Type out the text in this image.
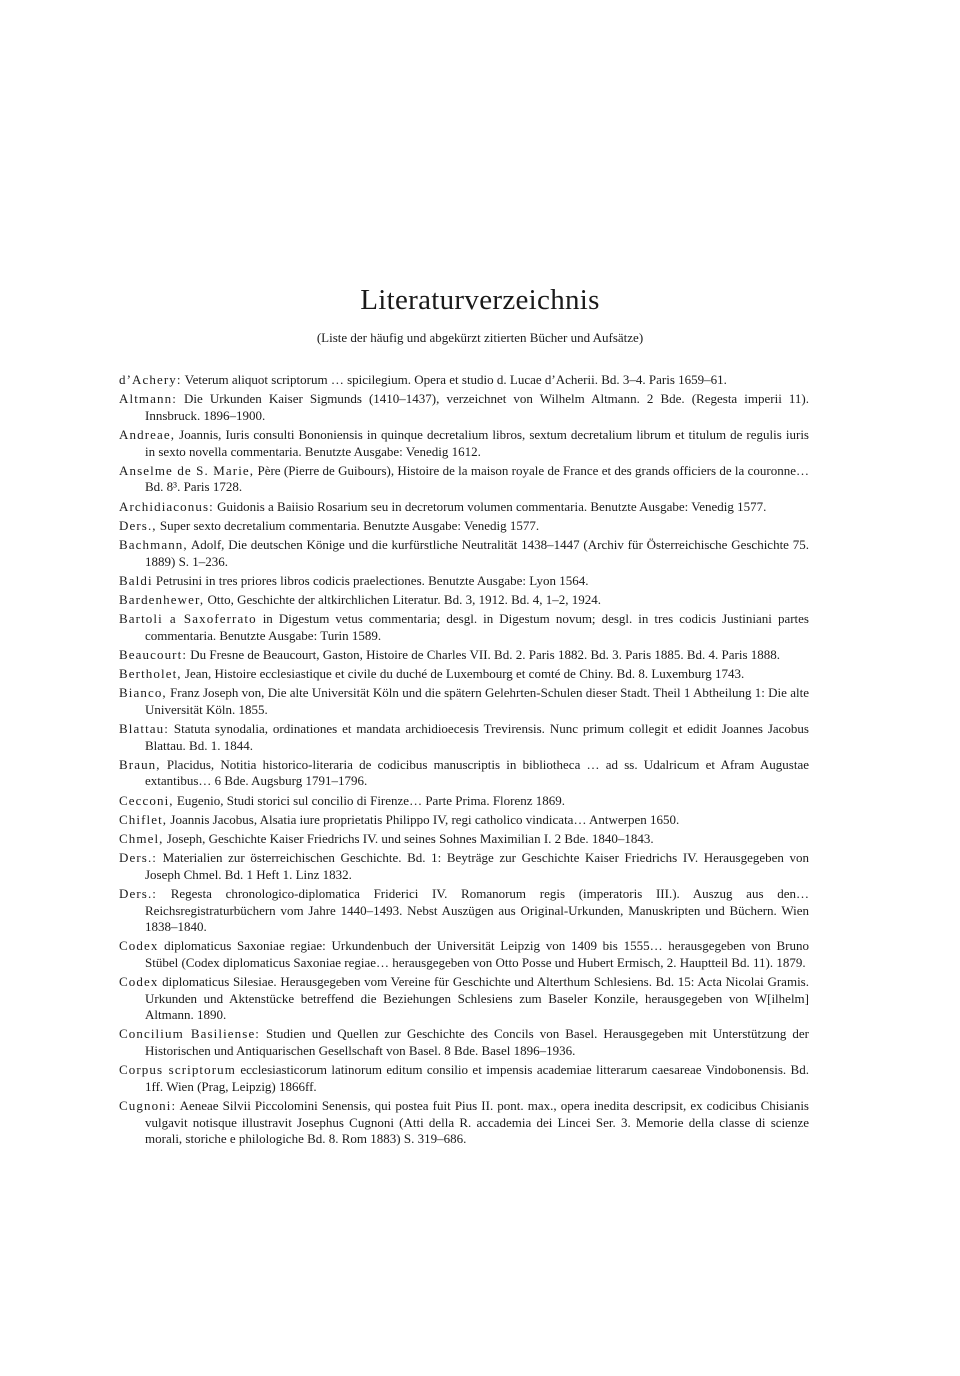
Literaturverzeichnis

(Liste der häufig und abgekürzt zitierten Bücher und Aufsätze)

d’Achery: Veterum aliquot scriptorum … spicilegium. Opera et studio d. Lucae d’Acherii. Bd. 3–4. Paris 1659–61.
Altmann: Die Urkunden Kaiser Sigmunds (1410–1437), verzeichnet von Wilhelm Altmann. 2 Bde. (Regesta imperii 11). Innsbruck. 1896–1900.
Andreae, Joannis, Iuris consulti Bononiensis in quinque decretalium libros, sextum decretalium librum et titulum de regulis iuris in sexto novella commentaria. Benutzte Ausgabe: Venedig 1612.
Anselme de S. Marie, Père (Pierre de Guibours), Histoire de la maison royale de France et des grands officiers de la couronne… Bd. 8³. Paris 1728.
Archidiaconus: Guidonis a Baiisio Rosarium seu in decretorum volumen commentaria. Benutzte Ausgabe: Venedig 1577.
Ders., Super sexto decretalium commentaria. Benutzte Ausgabe: Venedig 1577.
Bachmann, Adolf, Die deutschen Könige und die kurfürstliche Neutralität 1438–1447 (Archiv für Österreichische Geschichte 75. 1889) S. 1–236.
Baldi Petrusini in tres priores libros codicis praelectiones. Benutzte Ausgabe: Lyon 1564.
Bardenhewer, Otto, Geschichte der altkirchlichen Literatur. Bd. 3, 1912. Bd. 4, 1–2, 1924.
Bartoli a Saxoferrato in Digestum vetus commentaria; desgl. in Digestum novum; desgl. in tres codicis Justiniani partes commentaria. Benutzte Ausgabe: Turin 1589.
Beaucourt: Du Fresne de Beaucourt, Gaston, Histoire de Charles VII. Bd. 2. Paris 1882. Bd. 3. Paris 1885. Bd. 4. Paris 1888.
Bertholet, Jean, Histoire ecclesiastique et civile du duché de Luxembourg et comté de Chiny. Bd. 8. Luxemburg 1743.
Bianco, Franz Joseph von, Die alte Universität Köln und die spätern Gelehrten-Schulen dieser Stadt. Theil 1 Abtheilung 1: Die alte Universität Köln. 1855.
Blattau: Statuta synodalia, ordinationes et mandata archidioecesis Trevirensis. Nunc primum collegit et edidit Joannes Jacobus Blattau. Bd. 1. 1844.
Braun, Placidus, Notitia historico-literaria de codicibus manuscriptis in bibliotheca … ad ss. Udalricum et Afram Augustae extantibus… 6 Bde. Augsburg 1791–1796.
Cecconi, Eugenio, Studi storici sul concilio di Firenze… Parte Prima. Florenz 1869.
Chiflet, Joannis Jacobus, Alsatia iure proprietatis Philippo IV, regi catholico vindicata… Antwerpen 1650.
Chmel, Joseph, Geschichte Kaiser Friedrichs IV. und seines Sohnes Maximilian I. 2 Bde. 1840–1843.
Ders.: Materialien zur österreichischen Geschichte. Bd. 1: Beyträge zur Geschichte Kaiser Friedrichs IV. Herausgegeben von Joseph Chmel. Bd. 1 Heft 1. Linz 1832.
Ders.: Regesta chronologico-diplomatica Friderici IV. Romanorum regis (imperatoris III.). Auszug aus den… Reichsregistraturbüchern vom Jahre 1440–1493. Nebst Auszügen aus Original-Urkunden, Manuskripten und Büchern. Wien 1838–1840.
Codex diplomaticus Saxoniae regiae: Urkundenbuch der Universität Leipzig von 1409 bis 1555… herausgegeben von Bruno Stübel (Codex diplomaticus Saxoniae regiae… herausgegeben von Otto Posse und Hubert Ermisch, 2. Hauptteil Bd. 11). 1879.
Codex diplomaticus Silesiae. Herausgegeben vom Vereine für Geschichte und Alterthum Schlesiens. Bd. 15: Acta Nicolai Gramis. Urkunden und Aktenstücke betreffend die Beziehungen Schlesiens zum Baseler Konzile, herausgegeben von W[ilhelm] Altmann. 1890.
Concilium Basiliense: Studien und Quellen zur Geschichte des Concils von Basel. Herausgegeben mit Unterstützung der Historischen und Antiquarischen Gesellschaft von Basel. 8 Bde. Basel 1896–1936.
Corpus scriptorum ecclesiasticorum latinorum editum consilio et impensis academiae litterarum caesareae Vindobonensis. Bd. 1ff. Wien (Prag, Leipzig) 1866ff.
Cugnoni: Aeneae Silvii Piccolomini Senensis, qui postea fuit Pius II. pont. max., opera inedita descripsit, ex codicibus Chisianis vulgavit notisque illustravit Josephus Cugnoni (Atti della R. accademia dei Lincei Ser. 3. Memorie della classe di scienze morali, storiche e philologiche Bd. 8. Rom 1883) S. 319–686.
